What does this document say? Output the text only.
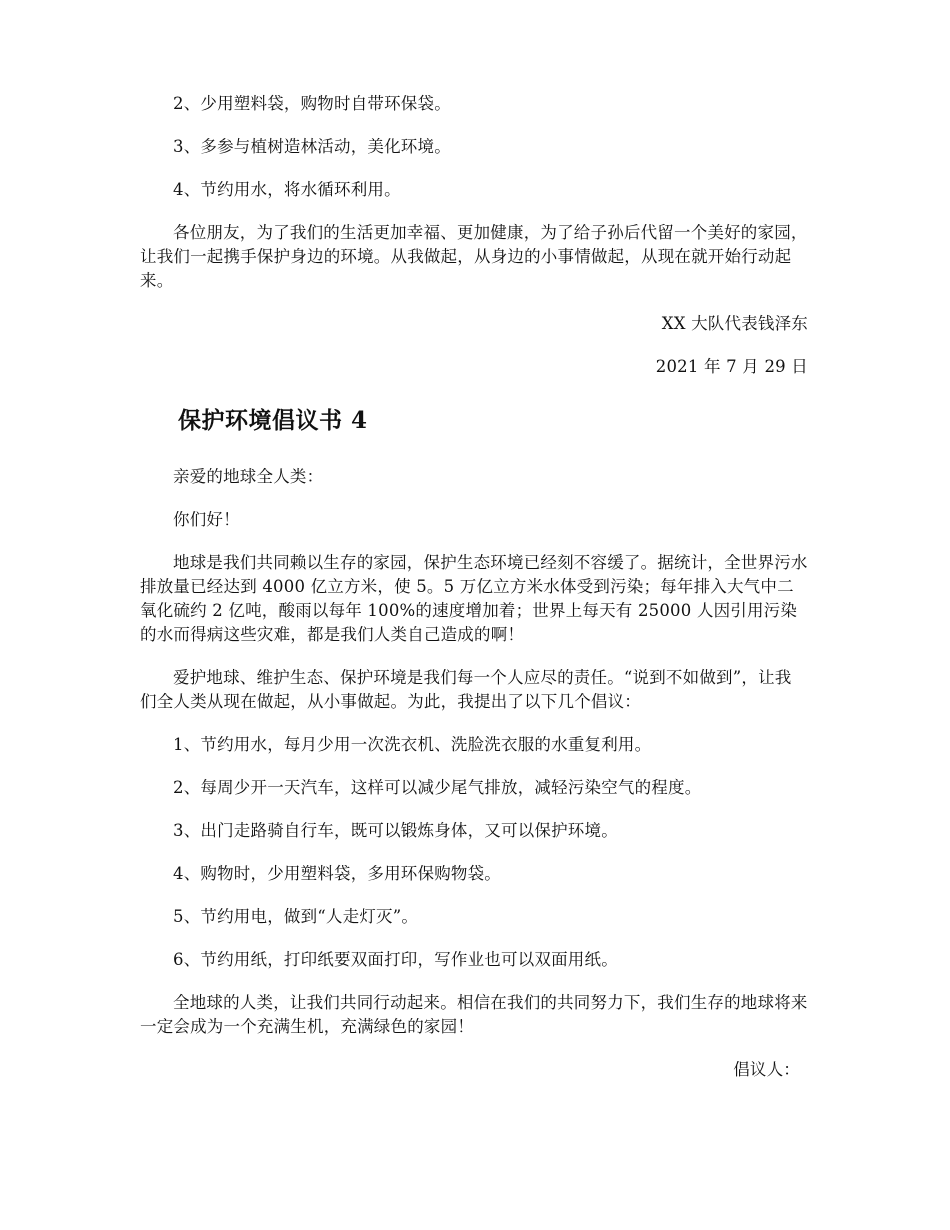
2、少用塑料袋，购物时自带环保袋。

3、多参与植树造林活动，美化环境。

4、节约用水，将水循环利用。

各位朋友，为了我们的生活更加幸福、更加健康，为了给子孙后代留一个美好的家园，让我们一起携手保护身边的环境。从我做起，从身边的小事情做起，从现在就开始行动起来。

XX 大队代表钱泽东

2021 年 7 月 29 日

保护环境倡议书 4

亲爱的地球全人类：

你们好！

地球是我们共同赖以生存的家园，保护生态环境已经刻不容缓了。据统计，全世界污水排放量已经达到 4000 亿立方米，使 5。5 万亿立方米水体受到污染；每年排入大气中二氧化硫约 2 亿吨，酸雨以每年 100%的速度增加着；世界上每天有 25000 人因引用污染的水而得病这些灾难，都是我们人类自己造成的啊！

爱护地球、维护生态、保护环境是我们每一个人应尽的责任。“说到不如做到”，让我们全人类从现在做起，从小事做起。为此，我提出了以下几个倡议：

1、节约用水，每月少用一次洗衣机、洗脸洗衣服的水重复利用。

2、每周少开一天汽车，这样可以减少尾气排放，减轻污染空气的程度。

3、出门走路骑自行车，既可以锻炼身体，又可以保护环境。

4、购物时，少用塑料袋，多用环保购物袋。

5、节约用电，做到“人走灯灭”。

6、节约用纸，打印纸要双面打印，写作业也可以双面用纸。

全地球的人类，让我们共同行动起来。相信在我们的共同努力下，我们生存的地球将来一定会成为一个充满生机，充满绿色的家园！

倡议人：
